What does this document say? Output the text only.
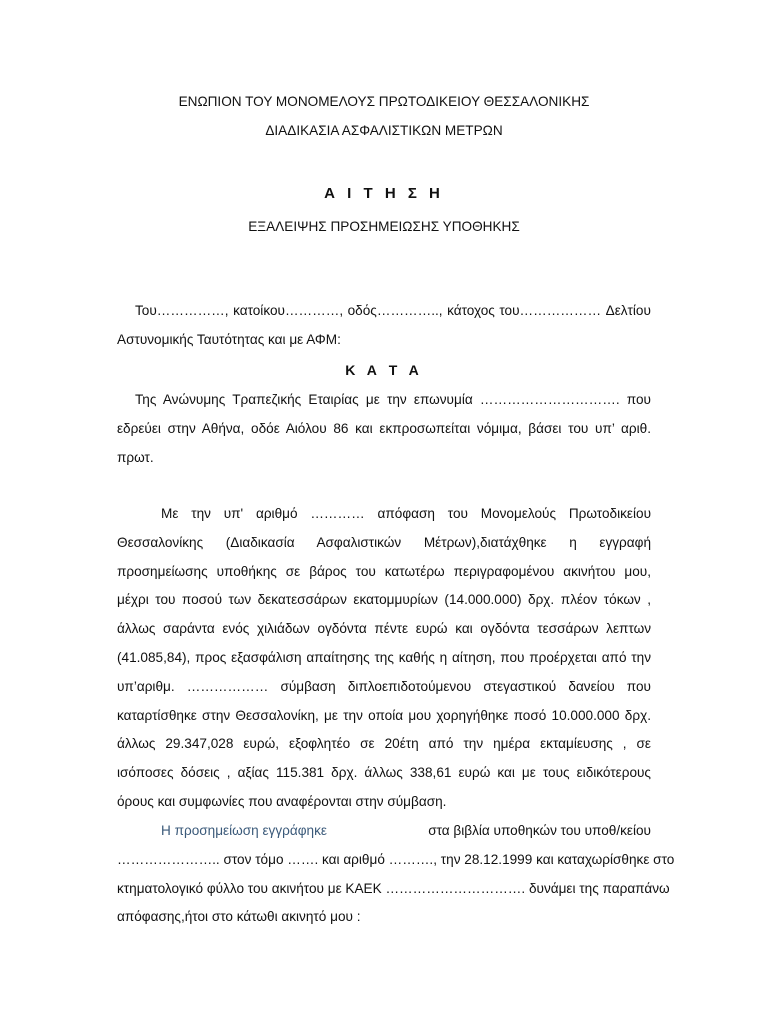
ΕΝΩΠΙΟΝ ΤΟΥ ΜΟΝΟΜΕΛΟΥΣ ΠΡΩΤΟΔΙΚΕΙΟΥ ΘΕΣΣΑΛΟΝΙΚΗΣ
ΔΙΑΔΙΚΑΣΙΑ ΑΣΦΑΛΙΣΤΙΚΩΝ ΜΕΤΡΩΝ
Α Ι Τ Η Σ Η
ΕΞΑΛΕΙΨΗΣ ΠΡΟΣΗΜΕΙΩΣΗΣ ΥΠΟΘΗΚΗΣ
Του……………, κατοίκου…………, οδός………….., κάτοχος του……………… Δελτίου
Αστυνομικής Ταυτότητας και με ΑΦΜ:
Κ Α Τ Α
Της Ανώνυμης Τραπεζικής Εταιρίας με την επωνυμία …………………………. που
εδρεύει στην Αθήνα, οδόε Αιόλου 86 και εκπροσωπείται νόμιμα, βάσει του υπ’ αριθ.
πρωτ.
Με την υπ' αριθμό ………… απόφαση του Μονομελούς Πρωτοδικείου
Θεσσαλονίκης (Διαδικασία Ασφαλιστικών Μέτρων),διατάχθηκε η εγγραφή
προσημείωσης υποθήκης σε βάρος του κατωτέρω περιγραφομένου ακινήτου μου,
μέχρι του ποσού των δεκατεσσάρων εκατομμυρίων (14.000.000) δρχ. πλέον τόκων ,
άλλως σαράντα ενός χιλιάδων ογδόντα πέντε ευρώ και ογδόντα τεσσάρων λεπτων
(41.085,84), προς εξασφάλιση απαίτησης της καθής η αίτηση, που προέρχεται από την
υπ’αριθμ. ……………… σύμβαση διπλοεπιδοτούμενου στεγαστικού δανείου που
καταρτίσθηκε στην Θεσσαλονίκη, με την οποία μου χορηγήθηκε ποσό 10.000.000 δρχ.
άλλως 29.347,028 ευρώ, εξοφλητέο σε 20έτη από την ημέρα εκταμίευσης , σε
ισόποσες δόσεις , αξίας 115.381 δρχ. άλλως 338,61 ευρώ και με τους ειδικότερους
όρους και συμφωνίες που αναφέρονται στην σύμβαση.
Η προσημείωση εγγράφηκε	στα βιβλία υποθηκών του υποθ/κείου
………………….. στον τόμο ……. και αριθμό ………., την 28.12.1999 και καταχωρίσθηκε στο
κτηματολογικό φύλλο του ακινήτου με ΚΑΕΚ …………………………. δυνάμει της παραπάνω
απόφασης,ήτοι στο κάτωθι ακινητό μου :
